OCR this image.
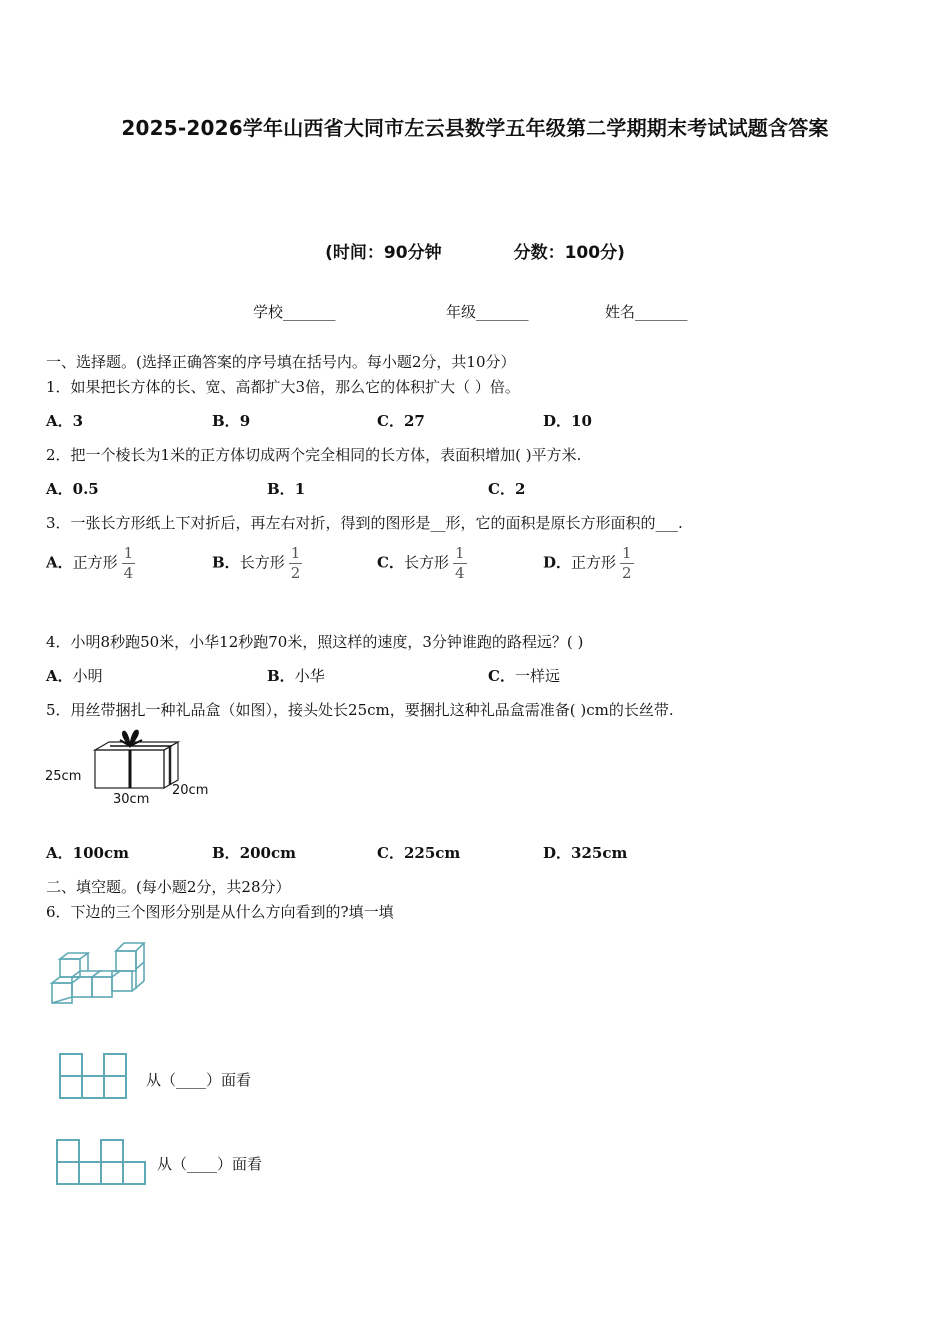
2025-2026学年山西省大同市左云县数学五年级第二学期期末考试试题含答案
(时间：90分钟	分数：100分)
学校_______	年级_______	姓名_______
一、选择题。(选择正确答案的序号填在括号内。每小题2分，共10分）
1．如果把长方体的长、宽、高都扩大3倍，那么它的体积扩大（ ）倍。
A．3	B．9	C．27	D．10
2．把一个棱长为1米的正方体切成两个完全相同的长方体，表面积增加( )平方米.
A．0.5	B．1	C．2
3．一张长方形纸上下对折后，再左右对折，得到的图形是__形，它的面积是原长方形面积的___.
A．正方形 $\frac{1}{4}$	B．长方形 $\frac{1}{2}$	C．长方形 $\frac{1}{4}$	D．正方形 $\frac{1}{2}$
4．小明8秒跑50米，小华12秒跑70米，照这样的速度，3分钟谁跑的路程远？( )
A．小明	B．小华	C．一样远
5．用丝带捆扎一种礼品盒（如图），接头处长25cm，要捆扎这种礼品盒需准备( )cm的长丝带.
25cm
30cm
20cm
A．100cm	B．200cm	C．225cm	D．325cm
二、填空题。(每小题2分，共28分）
6．下边的三个图形分别是从什么方向看到的?填一填
从（____）面看
从（____）面看
